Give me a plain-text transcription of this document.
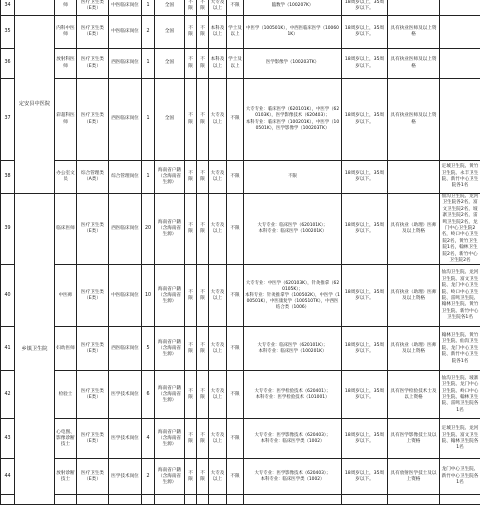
34		师	医疗卫生类（E类）	中医临床岗位	1	全国	不限	不限	大专及以上	不限	臨数学（100207K）	18周岁以上，35周岁以下。		
35	定安县中医院	内科中医师	医疗卫生类（E类）	中医临床岗位	2	全国	不限	不限	本科及以上	学士及以上	中医学（100501K），中西医临床医学（100601K）	18周岁以上，35周岁以下。	具有执业医师及以上资格	
36		放射科医师	医疗卫生类（E类）	西医临床岗位	1	全国	不限	不限	本科及以上	学士及以上	医学影像学（100203TK）	18周岁以上，35周岁以下。	具有执业医师及以上资格	
37		彩超科医师	医疗卫生类（E类）	西医临床岗位	1	全国	不限	不限	大专及以上	不限	大专专业：临床医学（620101K），中医学（620103K），医学影像技术（620403）；
本科专业：临床医学（100201K），中医学（100501K），医学影像学（100203TK）	18周岁以上，35周岁以下。	具有执业医师及以上资格	
38		办公室文员	综合管理类（A类）	综合管理岗位	1	海南省户籍（含海南省生源）	不限	不限	大专及以上	不限	不限	18周岁以上，35周岁以下。		定城卫生院、黄竹卫生院、永丰卫生院、新竹中心卫生院各1名
39	乡镇卫生院	临床医师	医疗卫生类（E类）	西医临床岗位	20	海南省户籍（含海南省生源）	不限	不限	大专及以上	不限	大专专业：临床医学（620101K）；
本科专业：临床医学（100201K）	18周岁以上，35周岁以下。	具有执业（助理）医师及以上资格	仙沟卫生院、龙河卫生院各2名，富文卫生院2名，坡寨卫生院2名，雷鸣卫生院2名，龙门中心卫生院2名，岭口中心卫生院2名，黄竹卫生院1名，翰林卫生院2名，新竹中心卫生院2名
40		中医师	医疗卫生类（E类）	中医临床岗位	10	海南省户籍（含海南省生源）	不限	不限	大专及以上	不限	大专专业：中医学（620103K），针灸推拿（620105K）；
本科专业：针灸推拿学（100502K），中医学（100501K），中医康复学（100510TK），中西医结合类（1006）	18周岁以上，35周岁以下。	具有执业（助理）医师及以上资格	仙沟卫生院、龙河卫生院、富文卫生院、龙门中心卫生院、岭口中心卫生院、雷鸣卫生院、翰林卫生院、黄竹卫生院、新竹中心卫生院各1名
41		妇幼医师	医疗卫生类（E类）	西医临床岗位	5	海南省户籍（含海南省生源）	不限	不限	大专及以上	不限	大专专业：临床医学（620101K）；
本科专业：临床医学（100201K）	18周岁以上，35周岁以下。	具有执业（助理）医师及以上资格	翰林卫生院、黄竹卫生院、仙沟卫生院、龙门中心卫生院、新竹中心卫生院各1名
42		检验士	医疗卫生类（E类）	医学技术岗位	6	海南省户籍（含海南省生源）	不限	不限	大专及以上	不限	大专专业：医学检验技术（620401）；
本科专业：医学检验技术（101001）	18周岁以上，35周岁以下。	具有医学检验技术士及以上资格	仙沟卫生院、坡寨卫生院、龙门中心卫生院、岭口中心卫生院、翰林卫生院、雷鸣卫生院各1名
43		心电图、影像诊断技士	医疗卫生类（E类）	医学技术岗位	4	海南省户籍（含海南省生源）	不限	不限	大专及以上	不限	大专专业：医学影像技术（620403）；
本科专业：临床医学类（1002）	18周岁以上，35周岁以下。	具有医学影像技士及以上资格	定城卫生院、龙河卫生院、富文卫生院、翰林卫生院各1名
44		放射诊断技士	医疗卫生类（E类）	医学技术岗位	2	海南省户籍（含海南省生源）	不限	不限	大专及以上	不限	大专专业：医学影像技术（620403）；
本科专业：临床医学类（1002）	18周岁以上，35周岁以下。	具有放射医学技士及以上资格	龙门中心卫生院、新竹中心卫生院各1名
